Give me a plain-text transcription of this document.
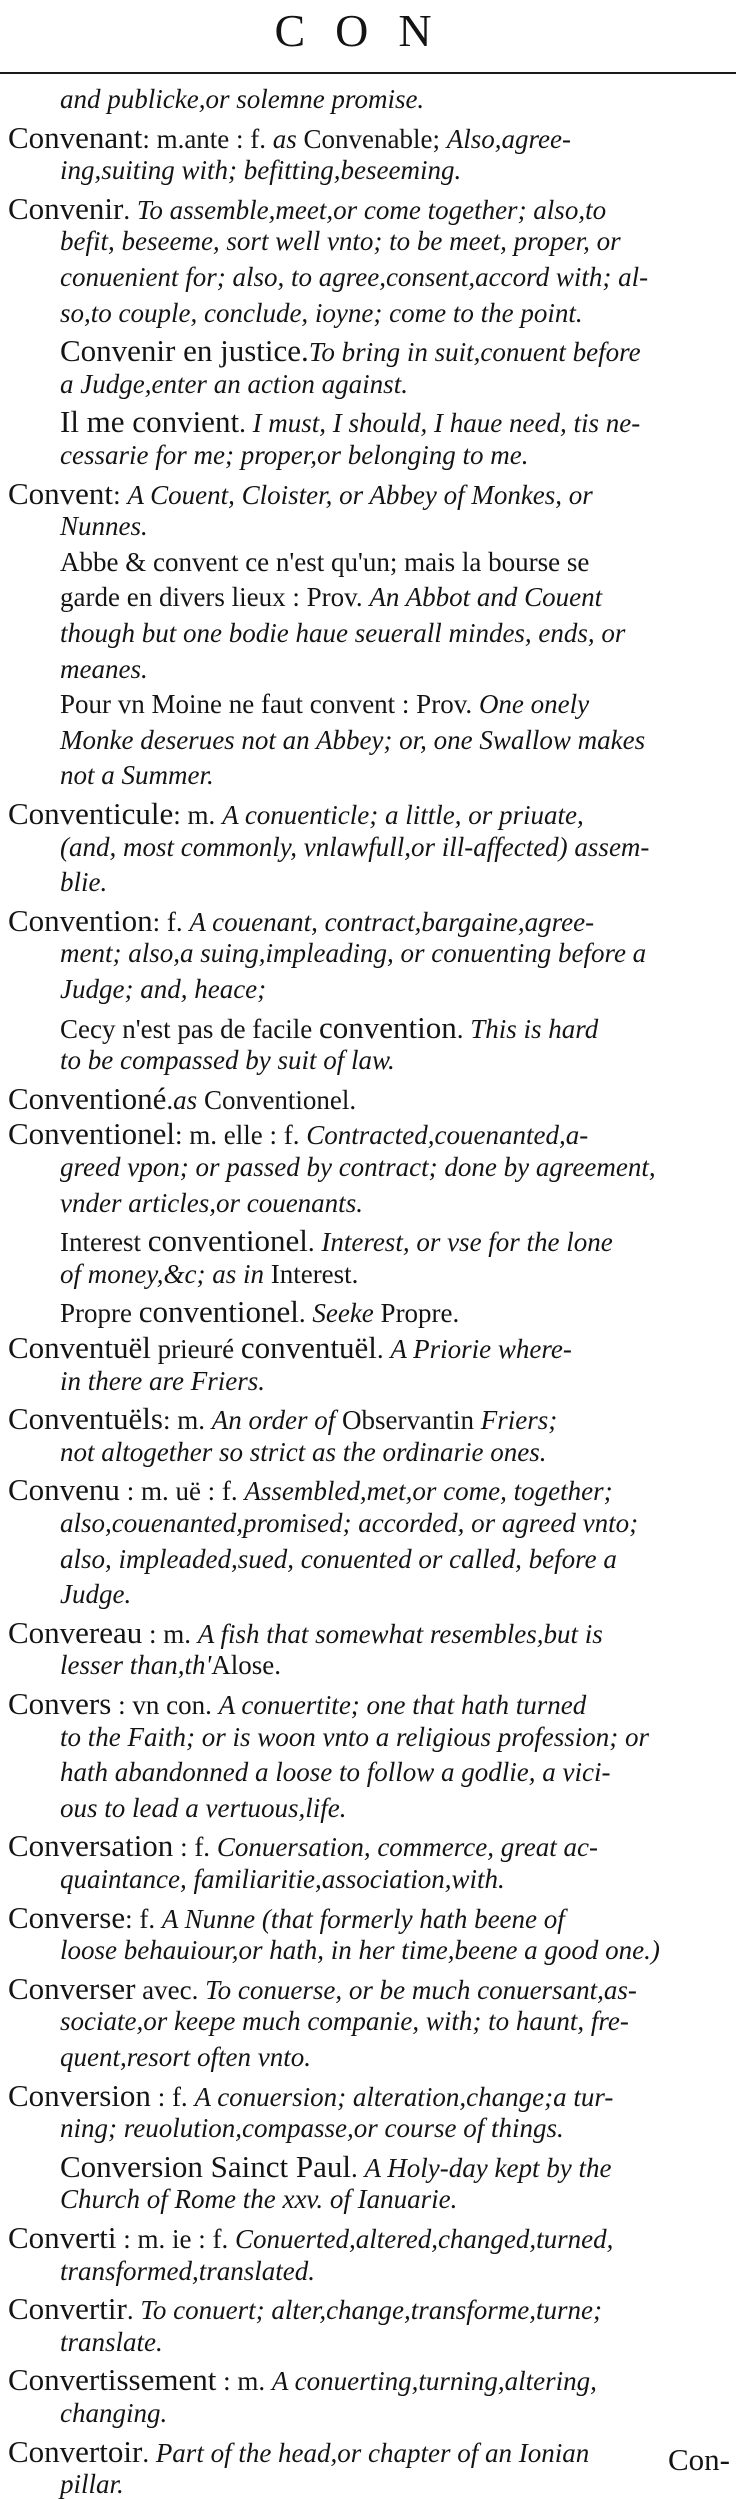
CON
and publicke,or solemne promise.
Convenant: m.ante : f. as Convenable; Also,agree-
ing,suiting with; befitting,beseeming.
Convenir. To assemble,meet,or come together; also,to
befit, beseeme, sort well vnto; to be meet, proper, or
conuenient for; also, to agree,consent,accord with; al-
so,to couple, conclude, ioyne; come to the point.
Convenir en justice.To bring in suit,conuent before
a Judge,enter an action against.
Il me convient. I must, I should, I haue need, tis ne-
cessarie for me; proper,or belonging to me.
Convent: A Couent, Cloister, or Abbey of Monkes, or
Nunnes.
Abbe & convent ce n'est qu'un; mais la bourse se
garde en divers lieux : Prov. An Abbot and Couent
though but one bodie haue seuerall mindes, ends, or
meanes.
Pour vn Moine ne faut convent : Prov. One onely
Monke deserues not an Abbey; or, one Swallow makes
not a Summer.
Conventicule: m. A conuenticle; a little, or priuate,
(and, most commonly, vnlawfull,or ill-affected) assem-
blie.
Convention: f. A couenant, contract,bargaine,agree-
ment; also,a suing,impleading, or conuenting before a
Judge; and, heace;
Cecy n'est pas de facile convention. This is hard
to be compassed by suit of law.
Conventioné.as Conventionel.
Conventionel: m. elle : f. Contracted,couenanted,a-
greed vpon; or passed by contract; done by agreement,
vnder articles,or couenants.
Interest conventionel. Interest, or vse for the lone
of money,&c; as in Interest.
Propre conventionel. Seeke Propre.
Conventuël prieuré conventuël. A Priorie where-
in there are Friers.
Conventuëls: m. An order of Observantin Friers;
not altogether so strict as the ordinarie ones.
Convenu : m. uë : f. Assembled,met,or come, together;
also,couenanted,promised; accorded, or agreed vnto;
also, impleaded,sued, conuented or called, before a
Judge.
Convereau : m. A fish that somewhat resembles,but is
lesser than,th'Alose.
Convers : vn con. A conuertite; one that hath turned
to the Faith; or is woon vnto a religious profession; or
hath abandonned a loose to follow a godlie, a vici-
ous to lead a vertuous,life.
Conversation : f. Conuersation, commerce, great ac-
quaintance, familiaritie,association,with.
Converse: f. A Nunne (that formerly hath beene of
loose behauiour,or hath, in her time,beene a good one.)
Converser avec. To conuerse, or be much conuersant,as-
sociate,or keepe much companie, with; to haunt, fre-
quent,resort often vnto.
Conversion : f. A conuersion; alteration,change;a tur-
ning; reuolution,compasse,or course of things.
Conversion Sainct Paul. A Holy-day kept by the
Church of Rome the xxv. of Ianuarie.
Converti : m. ie : f. Conuerted,altered,changed,turned,
transformed,translated.
Convertir. To conuert; alter,change,transforme,turne;
translate.
Convertissement : m. A conuerting,turning,altering,
changing.
Convertoir. Part of the head,or chapter of an Ionian
pillar.
Con-
